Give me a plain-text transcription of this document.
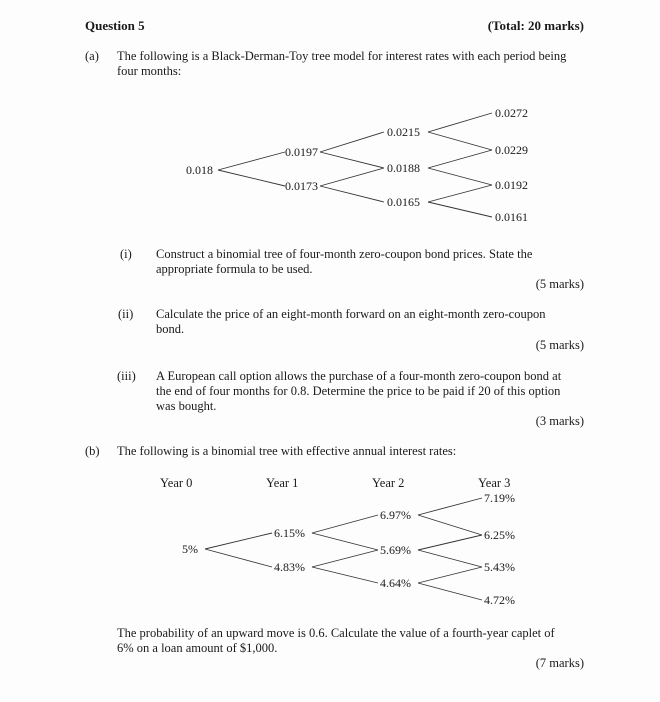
Question 5	(Total: 20 marks)
(a) The following is a Black-Derman-Toy tree model for interest rates with each period being
four months:
0.018
0.0197
0.0173
0.0215
0.0188
0.0165
0.0272
0.0229
0.0192
0.0161
(i) Construct a binomial tree of four-month zero-coupon bond prices. State the
appropriate formula to be used.
(5 marks)
(ii) Calculate the price of an eight-month forward on an eight-month zero-coupon
bond.
(5 marks)
(iii) A European call option allows the purchase of a four-month zero-coupon bond at
the end of four months for 0.8. Determine the price to be paid if 20 of this option
was bought.
(3 marks)
(b) The following is a binomial tree with effective annual interest rates:
Year 0	Year 1	Year 2	Year 3
5%
6.15%
4.83%
6.97%
5.69%
4.64%
7.19%
6.25%
5.43%
4.72%
The probability of an upward move is 0.6. Calculate the value of a fourth-year caplet of
6% on a loan amount of $1,000.
(7 marks)
